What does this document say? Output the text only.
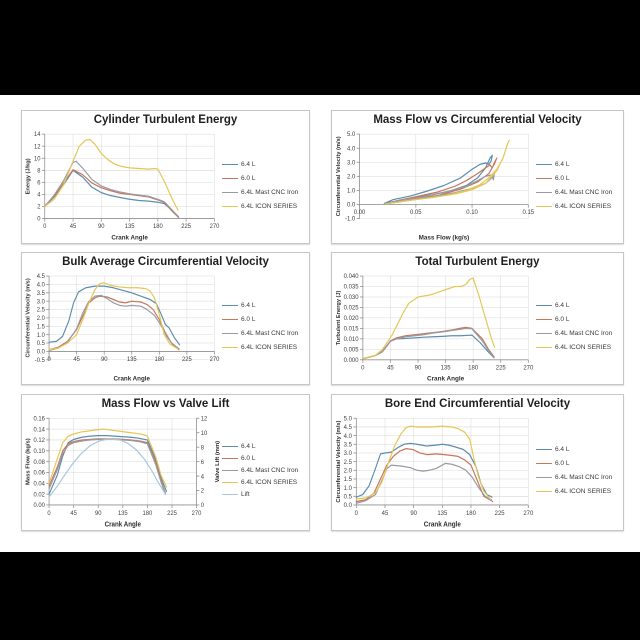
Cylinder Turbulent Energy
0	45	90	135	180	225	270
0
2
4
6
8
10
12
14
Crank Angle
Energy (J/kg)	6.4 L
6.0 L
6.4L Mast CNC Iron
6.4L ICON SERIES
Mass Flow vs Circumferential Velocity
0.00	0.05	0.10	0.15
-1.0
0.0
1.0
2.0
3.0
4.0
5.0
Mass Flow (kg/s)
Circumferential Velocity (m/s)	6.4 L
6.0 L
6.4L Mast CNC Iron
6.4L ICON SERIES
Bulk Average Circumferential Velocity
0	45	90	135	180	225	270
-0.5
0.0
0.5
1.0
1.5
2.0
2.5
3.0
3.5
4.0
4.5
Crank Angle
Circumferential Velocity (m/s)	6.4 L
6.0 L
6.4L Mast CNC Iron
6.4L ICON SERIES
Total Turbulent Energy
0	45	90	135	180	225	270
0.000
0.005
0.010
0.015
0.020
0.025
0.030
0.035
0.040
Crank Angle
Turbulent Energy (J)	6.4 L
6.0 L
6.4L Mast CNC Iron
6.4L ICON SERIES
Mass Flow vs Valve Lift
0	45	90	135 180 225 270
0.00
0.02
0.04
0.06
0.08
0.10
0.12
0.14
0.16
0
2
4
6
8
10
12
Valve Lift (mm)
Crank Angle
Mass Flow (kg/s)	6.4 L
6.0 L
6.4L Mast CNC Iron
6.4L ICON SERIES
Lift
Bore End Circumferential Velocity
0	45	90	135	180	225	270
0.0
0.5
1.0
1.5
2.0
2.5
3.0
3.5
4.0
4.5
5.0
Crank Angle
Circumferential Velocity (m/s)	6.4 L
6.0 L
6.4L Mast CNC Iron
6.4L ICON SERIES
